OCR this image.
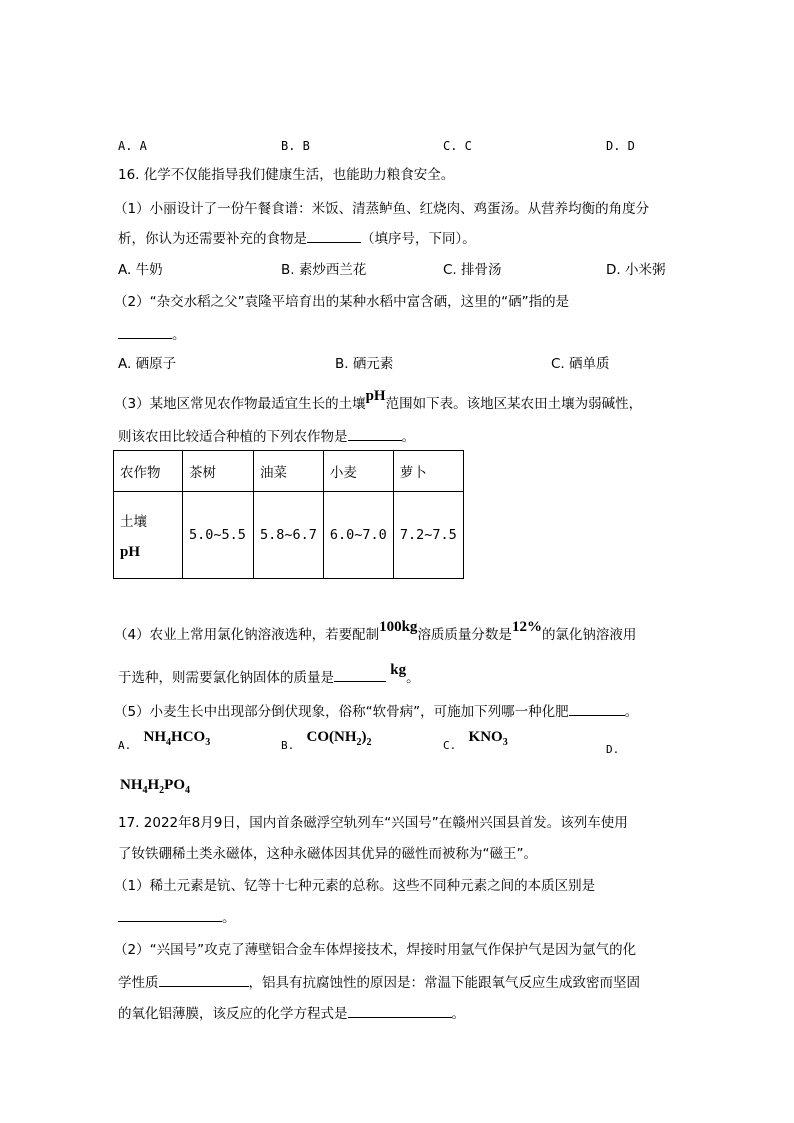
A. A	B. B	C. C	D. D
16. 化学不仅能指导我们健康生活，也能助力粮食安全。
（1）小丽设计了一份午餐食谱：米饭、清蒸鲈鱼、红烧肉、鸡蛋汤。从营养均衡的角度分
析，你认为还需要补充的食物是	（填序号，下同）。
A. 牛奶	B. 素炒西兰花	C. 排骨汤	D. 小米粥
（2）“杂交水稻之父”袁隆平培育出的某种水稻中富含硒，这里的“硒”指的是
。
A. 硒原子	B. 硒元素	C. 硒单质
（3）某地区常见农作物最适宜生长的土壤pH范围如下表。该地区某农田土壤为弱碱性，
则该农田比较适合种植的下列农作物是	。
农作物	茶树	油菜	小麦	萝卜

土壤
pH	5.0~5.5	5.8~6.7	6.0~7.0	7.2~7.5
（4）农业上常用氯化钠溶液选种，若要配制100kg溶质质量分数是12%的氯化钠溶液用
于选种，则需要氯化钠固体的质量是	kg。
（5）小麦生长中出现部分倒伏现象，俗称“软骨病”，可施加下列哪一种化肥	。
A. $NH_4HCO_3$	B. $CO(NH_2)_2$	C. $KNO_3$
D.
$NH_4H_2PO_4$
17. 2022年8月9日，国内首条磁浮空轨列车“兴国号”在赣州兴国县首发。该列车使用
了钕铁硼稀土类永磁体，这种永磁体因其优异的磁性而被称为“磁王”。
（1）稀土元素是钪、钇等十七种元素的总称。这些不同种元素之间的本质区别是
。
（2）“兴国号”攻克了薄壁铝合金车体焊接技术，焊接时用氩气作保护气是因为氩气的化
学性质	，铝具有抗腐蚀性的原因是：常温下能跟氧气反应生成致密而坚固
的氧化铝薄膜，该反应的化学方程式是	。
